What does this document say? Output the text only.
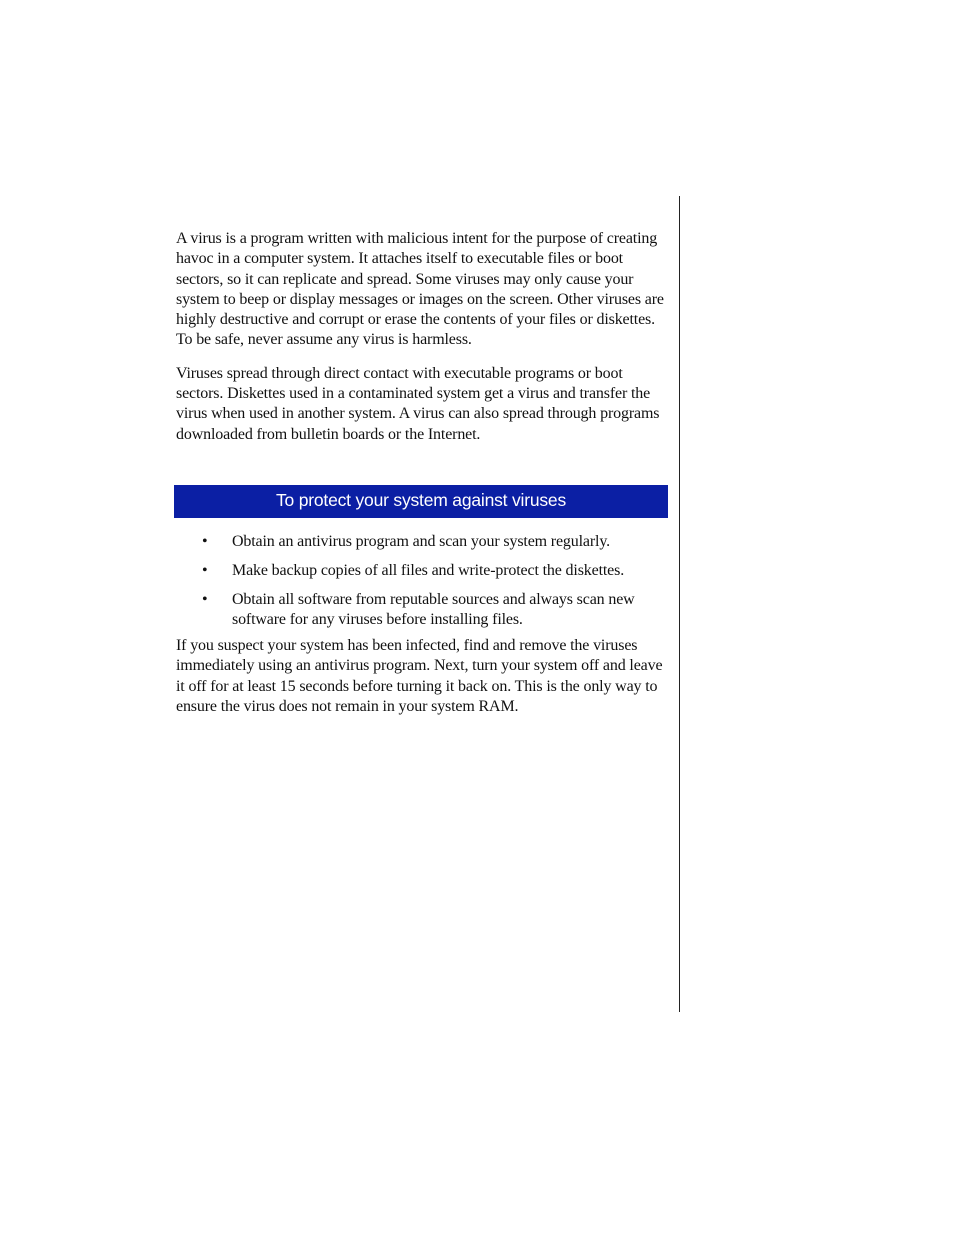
A virus is a program written with malicious intent for the purpose of creating havoc in a computer system. It attaches itself to executable files or boot sectors, so it can replicate and spread. Some viruses may only cause your system to beep or display messages or images on the screen. Other viruses are highly destructive and corrupt or erase the contents of your files or diskettes. To be safe, never assume any virus is harmless.

Viruses spread through direct contact with executable programs or boot sectors. Diskettes used in a contaminated system get a virus and transfer the virus when used in another system. A virus can also spread through programs downloaded from bulletin boards or the Internet.

To protect your system against viruses
• Obtain an antivirus program and scan your system regularly.
• Make backup copies of all files and write-protect the diskettes.
• Obtain all software from reputable sources and always scan new software for any viruses before installing files.

If you suspect your system has been infected, find and remove the viruses immediately using an antivirus program. Next, turn your system off and leave it off for at least 15 seconds before turning it back on. This is the only way to ensure the virus does not remain in your system RAM.
